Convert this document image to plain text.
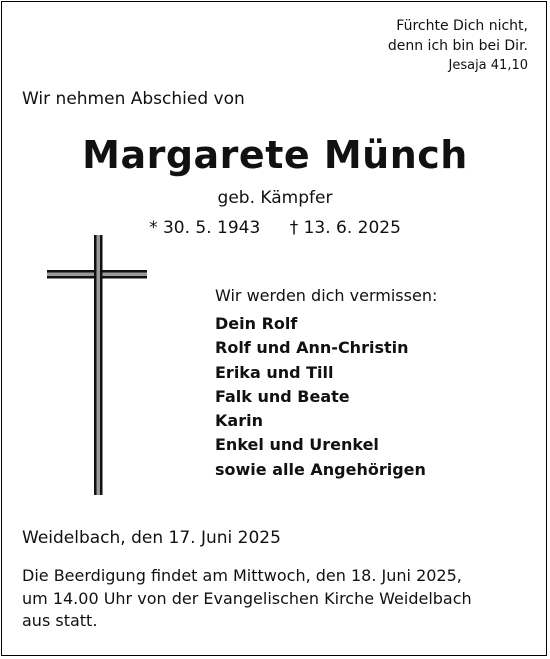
Fürchte Dich nicht,
denn ich bin bei Dir.
Jesaja 41,10
Wir nehmen Abschied von
Margarete Münch
geb. Kämpfer
* 30. 5. 1943 † 13. 6. 2025
Wir werden dich vermissen:
Dein Rolf
Rolf und Ann-Christin
Erika und Till
Falk und Beate
Karin
Enkel und Urenkel
sowie alle Angehörigen
Weidelbach, den 17. Juni 2025
Die Beerdigung findet am Mittwoch, den 18. Juni 2025,
um 14.00 Uhr von der Evangelischen Kirche Weidelbach
aus statt.
